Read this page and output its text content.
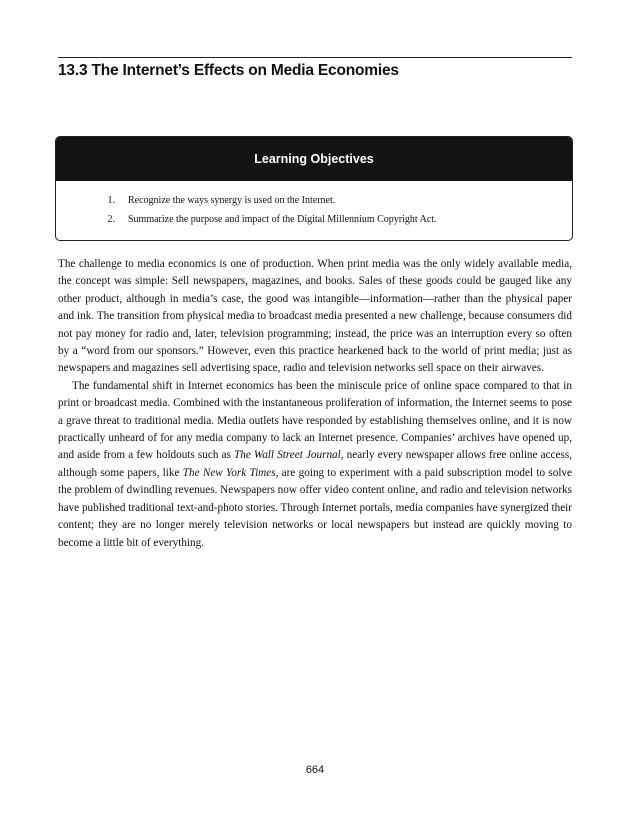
13.3 The Internet’s Effects on Media Economies
Learning Objectives
1. Recognize the ways synergy is used on the Internet.
2. Summarize the purpose and impact of the Digital Millennium Copyright Act.

The challenge to media economics is one of production. When print media was the only widely available media, the concept was simple: Sell newspapers, magazines, and books. Sales of these goods could be gauged like any other product, although in media’s case, the good was intangible—information—rather than the physical paper and ink. The transition from physical media to broadcast media presented a new challenge, because consumers did not pay money for radio and, later, television programming; instead, the price was an interruption every so often by a “word from our sponsors.” However, even this practice hearkened back to the world of print media; just as newspapers and magazines sell advertising space, radio and television networks sell space on their airwaves.

The fundamental shift in Internet economics has been the miniscule price of online space compared to that in print or broadcast media. Combined with the instantaneous proliferation of information, the Internet seems to pose a grave threat to traditional media. Media outlets have responded by establishing themselves online, and it is now practically unheard of for any media company to lack an Internet presence. Companies’ archives have opened up, and aside from a few holdouts such as The Wall Street Journal, nearly every newspaper allows free online access, although some papers, like The New York Times, are going to experiment with a paid subscription model to solve the problem of dwindling revenues. Newspapers now offer video content online, and radio and television networks have published traditional text-and-photo stories. Through Internet portals, media companies have synergized their content; they are no longer merely television networks or local newspapers but instead are quickly moving to become a little bit of everything.

664
